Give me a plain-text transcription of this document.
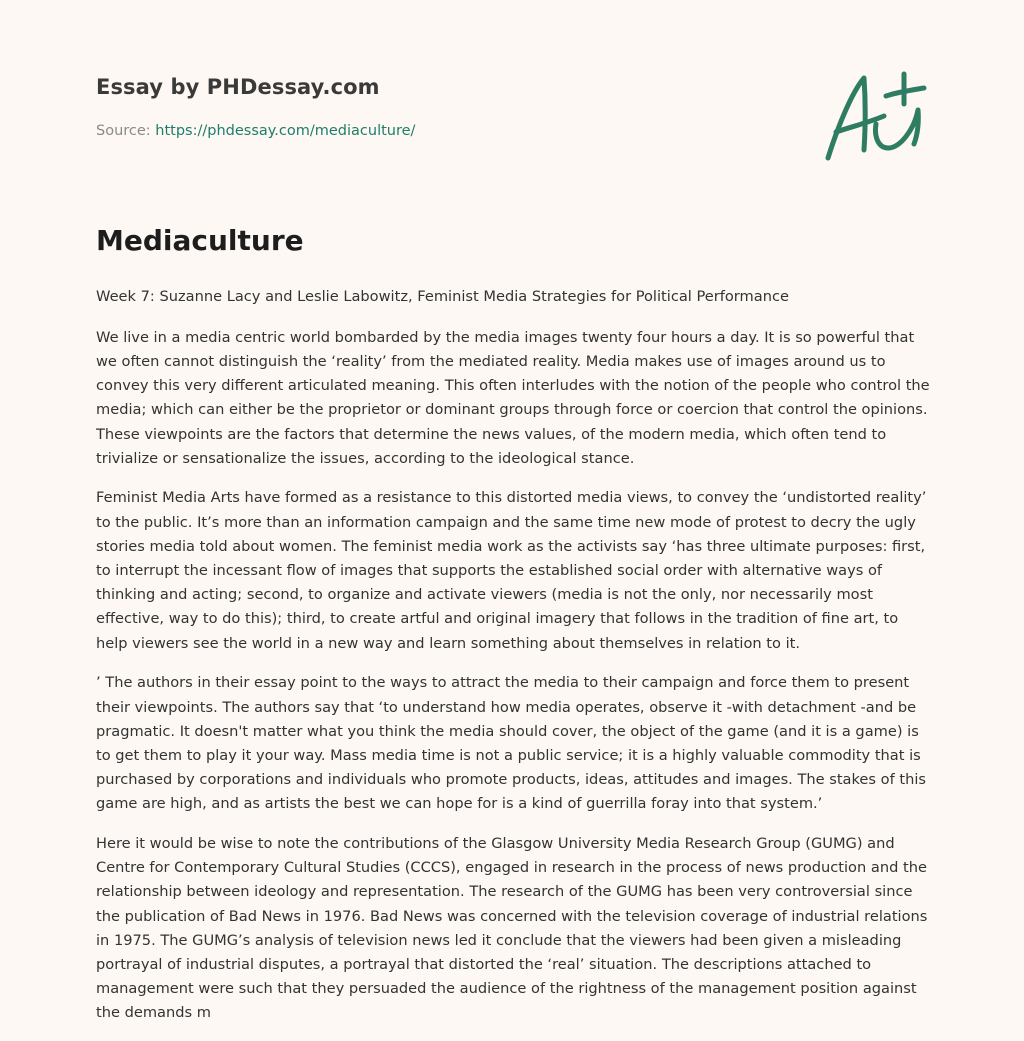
Essay by PHDessay.com
Source: https://phdessay.com/mediaculture/
Mediaculture

Week 7: Suzanne Lacy and Leslie Labowitz, Feminist Media Strategies for Political Performance

We live in a media centric world bombarded by the media images twenty four hours a day. It is so powerful that we often cannot distinguish the ‘reality’ from the mediated reality. Media makes use of images around us to convey this very different articulated meaning. This often interludes with the notion of the people who control the media; which can either be the proprietor or dominant groups through force or coercion that control the opinions. These viewpoints are the factors that determine the news values, of the modern media, which often tend to trivialize or sensationalize the issues, according to the ideological stance.

Feminist Media Arts have formed as a resistance to this distorted media views, to convey the ‘undistorted reality’ to the public. It’s more than an information campaign and the same time new mode of protest to decry the ugly stories media told about women. The feminist media work as the activists say ‘has three ultimate purposes: first, to interrupt the incessant flow of images that supports the established social order with alternative ways of thinking and acting; second, to organize and activate viewers (media is not the only, nor necessarily most effective, way to do this); third, to create artful and original imagery that follows in the tradition of fine art, to help viewers see the world in a new way and learn something about themselves in relation to it.

’ The authors in their essay point to the ways to attract the media to their campaign and force them to present their viewpoints. The authors say that ‘to understand how media operates, observe it -with detachment -and be pragmatic. It doesn't matter what you think the media should cover, the object of the game (and it is a game) is to get them to play it your way. Mass media time is not a public service; it is a highly valuable commodity that is purchased by corporations and individuals who promote products, ideas, attitudes and images. The stakes of this game are high, and as artists the best we can hope for is a kind of guerrilla foray into that system.’

Here it would be wise to note the contributions of the Glasgow University Media Research Group (GUMG) and Centre for Contemporary Cultural Studies (CCCS), engaged in research in the process of news production and the relationship between ideology and representation. The research of the GUMG has been very controversial since the publication of Bad News in 1976. Bad News was concerned with the television coverage of industrial relations in 1975. The GUMG’s analysis of television news led it conclude that the viewers had been given a misleading portrayal of industrial disputes, a portrayal that distorted the ‘real’ situation. The descriptions attached to management were such that they persuaded the audience of the rightness of the management position against the demands m
